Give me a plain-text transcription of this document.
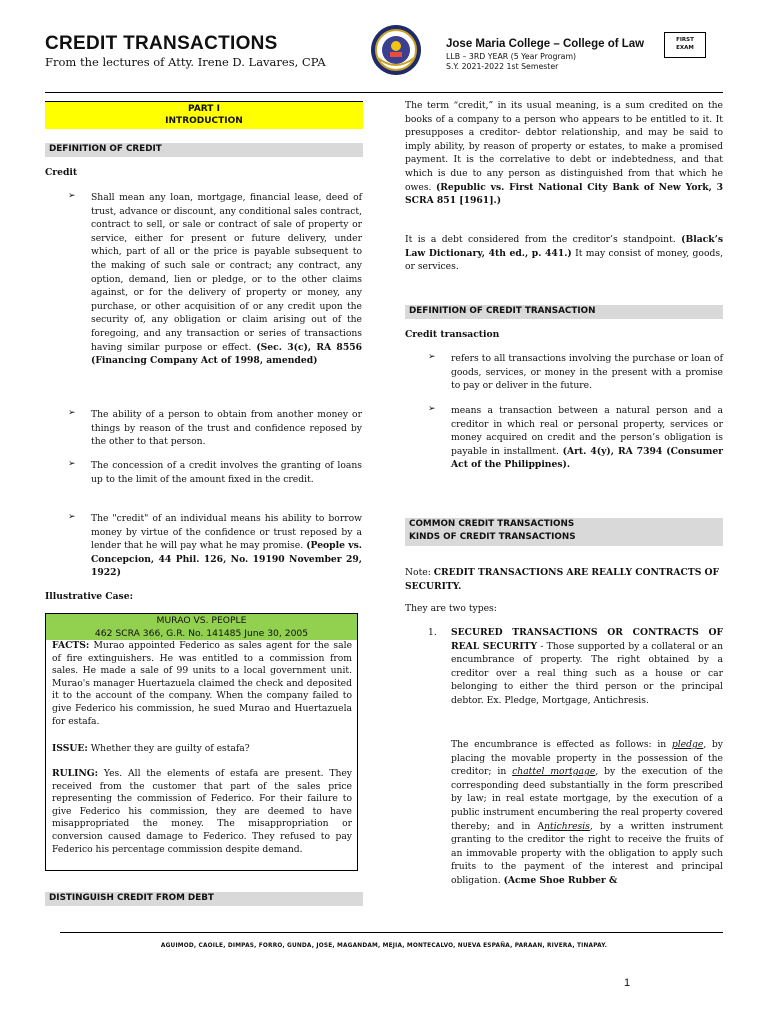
CREDIT TRANSACTIONS
From the lectures of Atty. Irene D. Lavares, CPA
Jose Maria College – College of Law
LLB – 3RD YEAR (5 Year Program)
S.Y. 2021-2022 1st Semester
FIRST
EXAM
PART I
INTRODUCTION
DEFINITION OF CREDIT
Credit
➢ Shall mean any loan, mortgage, financial lease, deed of trust, advance or discount, any conditional sales contract, contract to sell, or sale or contract of sale of property or service, either for present or future delivery, under which, part of all or the price is payable subsequent to the making of such sale or contract; any contract, any option, demand, lien or pledge, or to the other claims against, or for the delivery of property or money, any purchase, or other acquisition of or any credit upon the security of, any obligation or claim arising out of the foregoing, and any transaction or series of transactions having similar purpose or effect. (Sec. 3(c), RA 8556 (Financing Company Act of 1998, amended)
➢ The ability of a person to obtain from another money or things by reason of the trust and confidence reposed by the other to that person.
➢ The concession of a credit involves the granting of loans up to the limit of the amount fixed in the credit.
➢ The "credit" of an individual means his ability to borrow money by virtue of the confidence or trust reposed by a lender that he will pay what he may promise. (People vs. Concepcion, 44 Phil. 126, No. 19190 November 29, 1922)
Illustrative Case:
MURAO VS. PEOPLE
462 SCRA 366, G.R. No. 141485 June 30, 2005
FACTS: Murao appointed Federico as sales agent for the sale of fire extinguishers. He was entitled to a commission from sales. He made a sale of 99 units to a local government unit. Murao's manager Huertazuela claimed the check and deposited it to the account of the company. When the company failed to give Federico his commission, he sued Murao and Huertazuela for estafa.
ISSUE: Whether they are guilty of estafa?
RULING: Yes. All the elements of estafa are present. They received from the customer that part of the sales price representing the commission of Federico. For their failure to give Federico his commission, they are deemed to have misappropriated the money. The misappropriation or conversion caused damage to Federico. They refused to pay Federico his percentage commission despite demand.
DISTINGUISH CREDIT FROM DEBT
The term “credit,” in its usual meaning, is a sum credited on the books of a company to a person who appears to be entitled to it. It presupposes a creditor- debtor relationship, and may be said to imply ability, by reason of property or estates, to make a promised payment. It is the correlative to debt or indebtedness, and that which is due to any person as distinguished from that which he owes. (Republic vs. First National City Bank of New York, 3 SCRA 851 [1961].)
It is a debt considered from the creditor’s standpoint. (Black’s Law Dictionary, 4th ed., p. 441.) It may consist of money, goods, or services.
DEFINITION OF CREDIT TRANSACTION
Credit transaction
➢ refers to all transactions involving the purchase or loan of goods, services, or money in the present with a promise to pay or deliver in the future.
➢ means a transaction between a natural person and a creditor in which real or personal property, services or money acquired on credit and the person’s obligation is payable in installment. (Art. 4(y), RA 7394 (Consumer Act of the Philippines).
COMMON CREDIT TRANSACTIONS
KINDS OF CREDIT TRANSACTIONS
Note: CREDIT TRANSACTIONS ARE REALLY CONTRACTS OF SECURITY.
They are two types:
1. SECURED TRANSACTIONS OR CONTRACTS OF REAL SECURITY - Those supported by a collateral or an encumbrance of property. The right obtained by a creditor over a real thing such as a house or car belonging to either the third person or the principal debtor. Ex. Pledge, Mortgage, Antichresis.
The encumbrance is effected as follows: in pledge, by placing the movable property in the possession of the creditor; in chattel mortgage, by the execution of the corresponding deed substantially in the form prescribed by law; in real estate mortgage, by the execution of a public instrument encumbering the real property covered thereby; and in Antichresis, by a written instrument granting to the creditor the right to receive the fruits of an immovable property with the obligation to apply such fruits to the payment of the interest and principal obligation. (Acme Shoe Rubber &
AGUIMOD, CAOILE, DIMPAS, FORRO, GUNDA, JOSE, MAGANDAM, MEJIA, MONTECALVO, NUEVA ESPAÑA, PARAAN, RIVERA, TINAPAY.
1
